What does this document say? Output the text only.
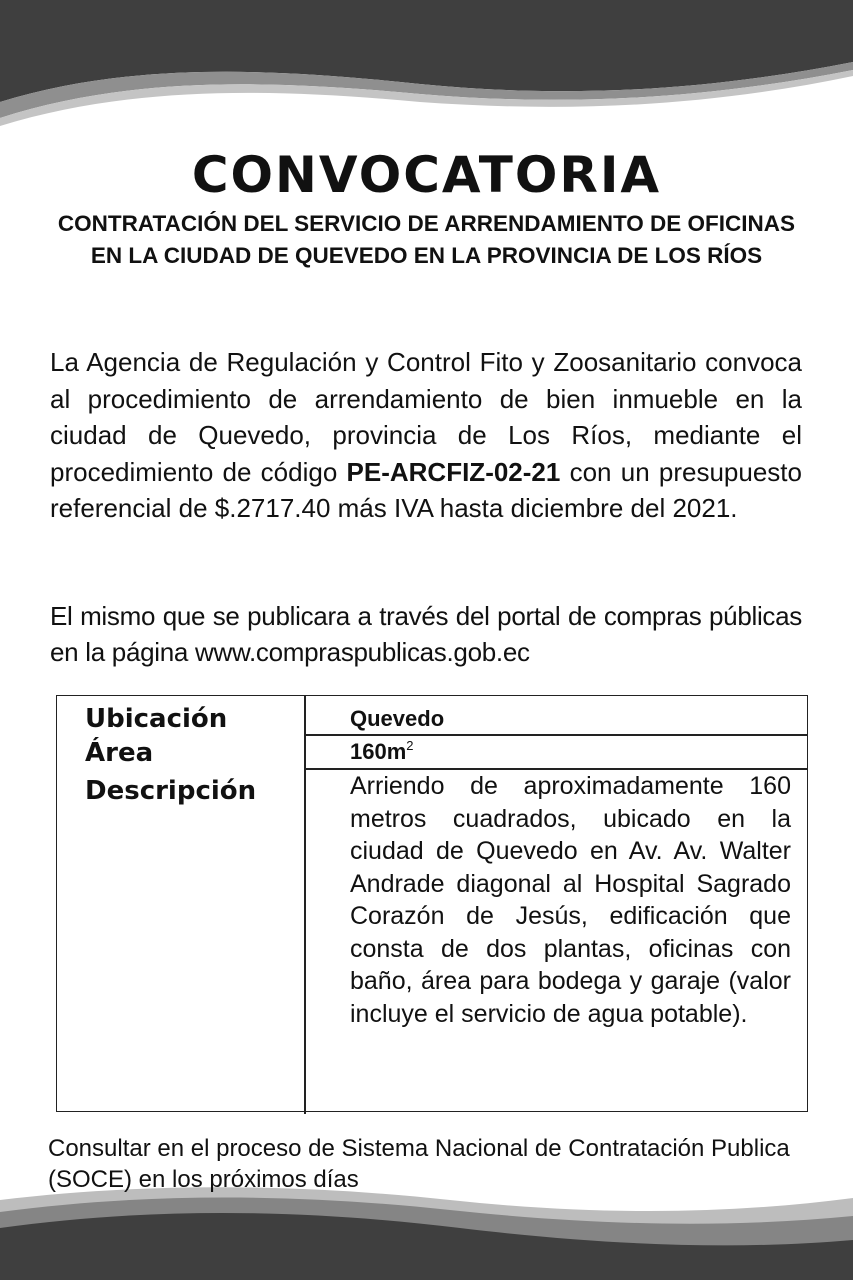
CONVOCATORIA
CONTRATACIÓN DEL SERVICIO DE ARRENDAMIENTO DE OFICINAS EN LA CIUDAD DE QUEVEDO EN LA PROVINCIA DE LOS RÍOS

La Agencia de Regulación y Control Fito y Zoosanitario convoca al procedimiento de arrendamiento de bien inmueble en la ciudad de Quevedo, provincia de Los Ríos, mediante el procedimiento de código PE-ARCFIZ-02-21 con un presupuesto referencial de $.2717.40 más IVA hasta diciembre del 2021.

El mismo que se publicara a través del portal de compras públicas en la página www.compraspublicas.gob.ec

Ubicación
Área
Descripción
Quevedo
$160m^2$

Arriendo de aproximadamente 160 metros cuadrados, ubicado en la ciudad de Quevedo en Av. Av. Walter Andrade diagonal al Hospital Sagrado Corazón de Jesús, edificación que consta de dos plantas, oficinas con baño, área para bodega y garaje (valor incluye el servicio de agua potable).

Consultar en el proceso de Sistema Nacional de Contratación Publica (SOCE) en los próximos días
